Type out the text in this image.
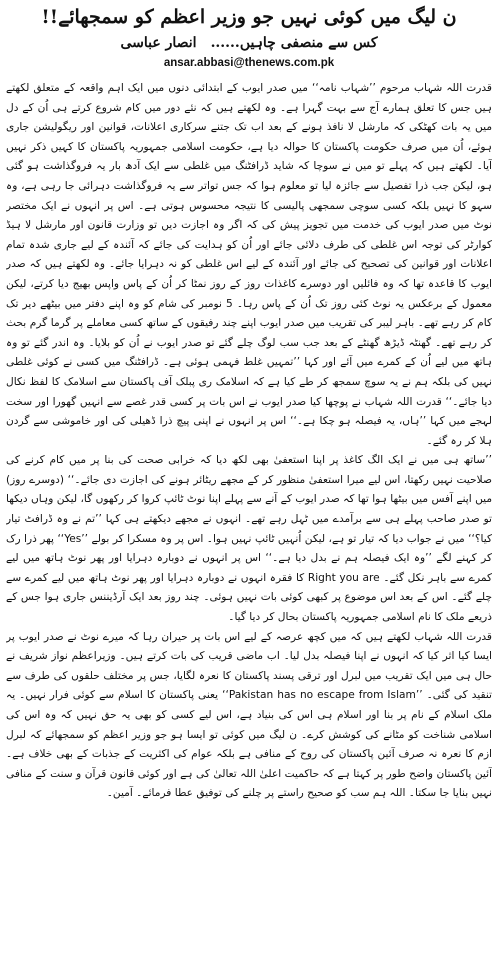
ن لیگ میں کوئی نہیں جو وزیر اعظم کو سمجھائے!!
کس سے منصفی چاہیں......انصار عباسی
ansar.abbasi@thenews.com.pk

قدرت اللہ شہاب مرحوم ’’شہاب نامہ‘‘ میں صدر ایوب کے ابتدائی دنوں میں ایک اہم واقعہ کے متعلق لکھتے ہیں جس کا تعلق ہمارے آج سے بہت گہرا ہے۔ وہ لکھتے ہیں کہ نئے دور میں کام شروع کرتے ہی اُن کے دل میں یہ بات کھٹکی کہ مارشل لا نافذ ہونے کے بعد اب تک جتنے سرکاری اعلانات، قوانین اور ریگولیشن جاری ہوئے، اُن میں صرف حکومت پاکستان کا حوالہ دیا ہے، حکومت اسلامی جمہوریہ پاکستان کا کہیں ذکر نہیں آیا۔ لکھتے ہیں کہ پہلے تو میں نے سوچا کہ شاید ڈرافٹنگ میں غلطی سے ایک آدھ بار یہ فروگذاشت ہو گئی ہو، لیکن جب ذرا تفصیل سے جائزہ لیا تو معلوم ہوا کہ جس تواتر سے یہ فروگذاشت دہرائی جا رہی ہے، وہ سہو کا نہیں بلکہ کسی سوچی سمجھی پالیسی کا نتیجہ محسوس ہوتی ہے۔ اس پر انہوں نے ایک مختصر نوٹ میں صدر ایوب کی خدمت میں تجویز پیش کی کہ اگر وہ اجازت دیں تو وزارت قانون اور مارشل لا ہیڈ کوارٹر کی توجہ اس غلطی کی طرف دلائی جائے اور اُن کو ہدایت کی جائے کہ آئندہ کے لیے جاری شدہ تمام اعلانات اور قوانین کی تصحیح کی جائے اور آئندہ کے لیے اس غلطی کو نہ دہرایا جائے۔ وہ لکھتے ہیں کہ صدر ایوب کا قاعدہ تھا کہ وہ فائلیں اور دوسرے کاغذات روز کے روز نمٹا کر اُن کے پاس واپس بھیج دیا کرتے، لیکن معمول کے برعکس یہ نوٹ کئی روز تک اُن کے پاس رہا۔ 5 نومبر کی شام کو وہ اپنے دفتر میں بیٹھے دیر تک کام کر رہے تھے۔ باہر لیبر کی تقریب میں صدر ایوب اپنے چند رفیقوں کے ساتھ کسی معاملے پر گرما گرم بحث کر رہے تھے۔ گھنٹہ ڈیڑھ گھنٹے کے بعد جب سب لوگ چلے گئے تو صدر ایوب نے اُن کو بلایا۔ وہ اندر گئے تو وہ ہاتھ میں لیے اُن کے کمرے میں آئے اور کہا ’’تمہیں غلط فہمی ہوئی ہے۔ ڈرافٹنگ میں کسی نے کوئی غلطی نہیں کی بلکہ ہم نے یہ سوچ سمجھ کر طے کیا ہے کہ اسلامک ری پبلک آف پاکستان سے اسلامک کا لفظ نکال دیا جائے۔‘‘ قدرت اللہ شہاب نے پوچھا کیا صدر ایوب نے اس بات پر کسی قدر غصے سے انہیں گھورا اور سخت لہجے میں کہا ’’ہاں، یہ فیصلہ ہو چکا ہے۔‘‘ اس پر انہوں نے اپنی پیچ ذرا ڈھیلی کی اور خاموشی سے گردن ہلا کر رہ گئے۔

’’ساتھ ہی میں نے ایک الگ کاغذ پر اپنا استعفیٰ بھی لکھ دیا کہ خرابی صحت کی بنا پر میں کام کرنے کی صلاحیت نہیں رکھتا، اس لیے میرا استعفیٰ منظور کر کے مجھے ریٹائر ہونے کی اجازت دی جائے۔‘‘ (دوسرے روز) میں اپنے آفس میں بیٹھا ہوا تھا کہ صدر ایوب کے آنے سے پہلے اپنا نوٹ ٹائپ کروا کر رکھوں گا، لیکن وہاں دیکھا تو صدر صاحب پہلے ہی سے برآمدے میں ٹہل رہے تھے۔ انہوں نے مجھے دیکھتے ہی کہا ’’تم نے وہ ڈرافٹ تیار کیا؟‘‘ میں نے جواب دیا کہ تیار تو ہے، لیکن اُنہیں ٹائپ نہیں ہوا۔ اس پر وہ مسکرا کر بولے ’’Yes‘‘ پھر ذرا رک کر کہنے لگے ’’وہ ایک فیصلہ ہم نے بدل دیا ہے۔‘‘ اس پر انہوں نے دوبارہ دہرایا اور پھر نوٹ ہاتھ میں لیے کمرے سے باہر نکل گئے۔ Right you are کا فقرہ انہوں نے دوبارہ دہرایا اور پھر نوٹ ہاتھ میں لیے کمرے سے چلے گئے۔ اس کے بعد اس موضوع پر کبھی کوئی بات نہیں ہوئی۔ چند روز بعد ایک آرڈیننس جاری ہوا جس کے ذریعے ملک کا نام اسلامی جمہوریہ پاکستان بحال کر دیا گیا۔

قدرت اللہ شہاب لکھتے ہیں کہ میں کچھ عرصہ کے لیے اس بات پر حیران رہا کہ میرے نوٹ نے صدر ایوب پر ایسا کیا اثر کیا کہ انہوں نے اپنا فیصلہ بدل لیا۔ اب ماضی قریب کی بات کرتے ہیں۔ وزیراعظم نواز شریف نے حال ہی میں ایک تقریب میں لبرل اور ترقی پسند پاکستان کا نعرہ لگایا، جس پر مختلف حلقوں کی طرف سے تنقید کی گئی۔ ’’Pakistan has no escape from Islam‘‘ یعنی پاکستان کا اسلام سے کوئی فرار نہیں۔ یہ ملک اسلام کے نام پر بنا اور اسلام ہی اس کی بنیاد ہے، اس لیے کسی کو بھی یہ حق نہیں کہ وہ اس کی اسلامی شناخت کو مٹانے کی کوشش کرے۔ ن لیگ میں کوئی تو ایسا ہو جو وزیر اعظم کو سمجھائے کہ لبرل ازم کا نعرہ نہ صرف آئین پاکستان کی روح کے منافی ہے بلکہ عوام کی اکثریت کے جذبات کے بھی خلاف ہے۔ آئین پاکستان واضح طور پر کہتا ہے کہ حاکمیت اعلیٰ اللہ تعالیٰ کی ہے اور کوئی قانون قرآن و سنت کے منافی نہیں بنایا جا سکتا۔ اللہ ہم سب کو صحیح راستے پر چلنے کی توفیق عطا فرمائے۔ آمین۔
